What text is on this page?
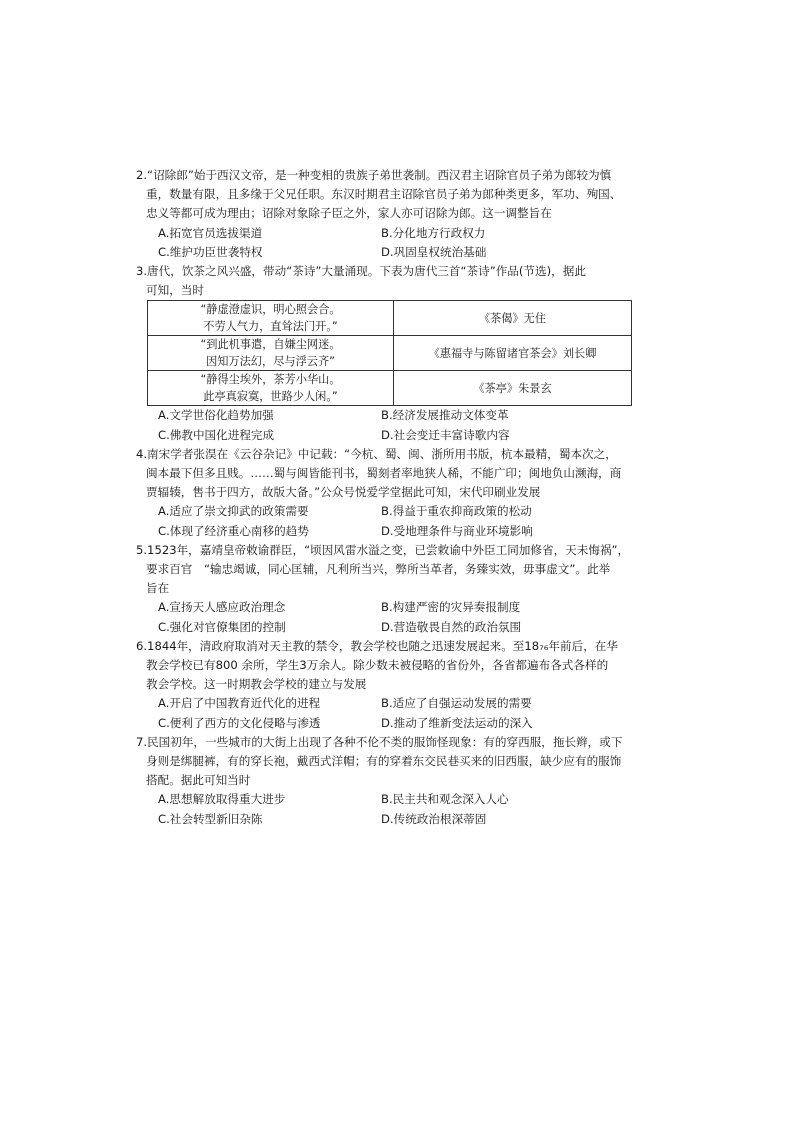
2.“诏除郎”始于西汉文帝，是一种变相的贵族子弟世袭制。西汉君主诏除官员子弟为郎较为慎

重，数量有限，且多缘于父兄任职。东汉时期君主诏除官员子弟为郎种类更多，军功、殉国、

忠义等都可成为理由；诏除对象除子臣之外，家人亦可诏除为郎。这一调整旨在

A.拓宽官员选拔渠道	B.分化地方行政权力
C.维护功臣世袭特权	D.巩固皇权统治基础

3.唐代，饮茶之风兴盛，带动“茶诗”大量涌现。下表为唐代三首“茶诗”作品(节选)，据此

可知，当时

“静虚澄虚识，明心照会合。
不劳人气力，直耸法门开。”	《茶偈》无住

“到此机事遣，自嫌尘网迷。
因知万法幻，尽与浮云齐”	《惠福寺与陈留诸官茶会》刘长卿

“静得尘埃外，茶芳小华山。
此亭真寂寞，世路少人闲。”	《茶亭》朱景玄
A.文学世俗化趋势加强	B.经济发展推动文体变革
C.佛教中国化进程完成	D.社会变迁丰富诗歌内容

4.南宋学者张淏在《云谷杂记》中记载：“今杭、蜀、闽、浙所用书版，杭本最精，蜀本次之，

闽本最下但多且贱。……蜀与闽皆能刊书，蜀刻者率地狭人稀，不能广印；闽地负山濒海，商

贾辐辏，售书于四方，故版大备。”公众号悦爱学堂据此可知，宋代印刷业发展

A.适应了崇文抑武的政策需要	B.得益于重农抑商政策的松动
C.体现了经济重心南移的趋势	D.受地理条件与商业环境影响

5.1523年，嘉靖皇帝敕谕群臣，“顷因风雷水溢之变，已尝敕谕中外臣工同加修省，天未悔祸”，

要求百官　“输忠竭诚，同心匡辅，凡利所当兴，弊所当革者，务臻实效，毋事虚文”。此举

旨在

A.宣扬天人感应政治理念	B.构建严密的灾异奏报制度
C.强化对官僚集团的控制	D.营造敬畏自然的政治氛围

6.1844年，清政府取消对天主教的禁令，教会学校也随之迅速发展起来。至18₇₆年前后，在华

教会学校已有800 余所，学生3万余人。除少数未被侵略的省份外，各省都遍布各式各样的

教会学校。这一时期教会学校的建立与发展

A.开启了中国教育近代化的进程	B.适应了自强运动发展的需要
C.便利了西方的文化侵略与渗透	D.推动了维新变法运动的深入

7.民国初年，一些城市的大街上出现了各种不伦不类的服饰怪现象：有的穿西服，拖长辫，或下

身则是绑腿裤，有的穿长袍，戴西式洋帽；有的穿着东交民巷买来的旧西服，缺少应有的服饰

搭配。据此可知当时

A.思想解放取得重大进步	B.民主共和观念深入人心
C.社会转型新旧杂陈	D.传统政治根深蒂固
